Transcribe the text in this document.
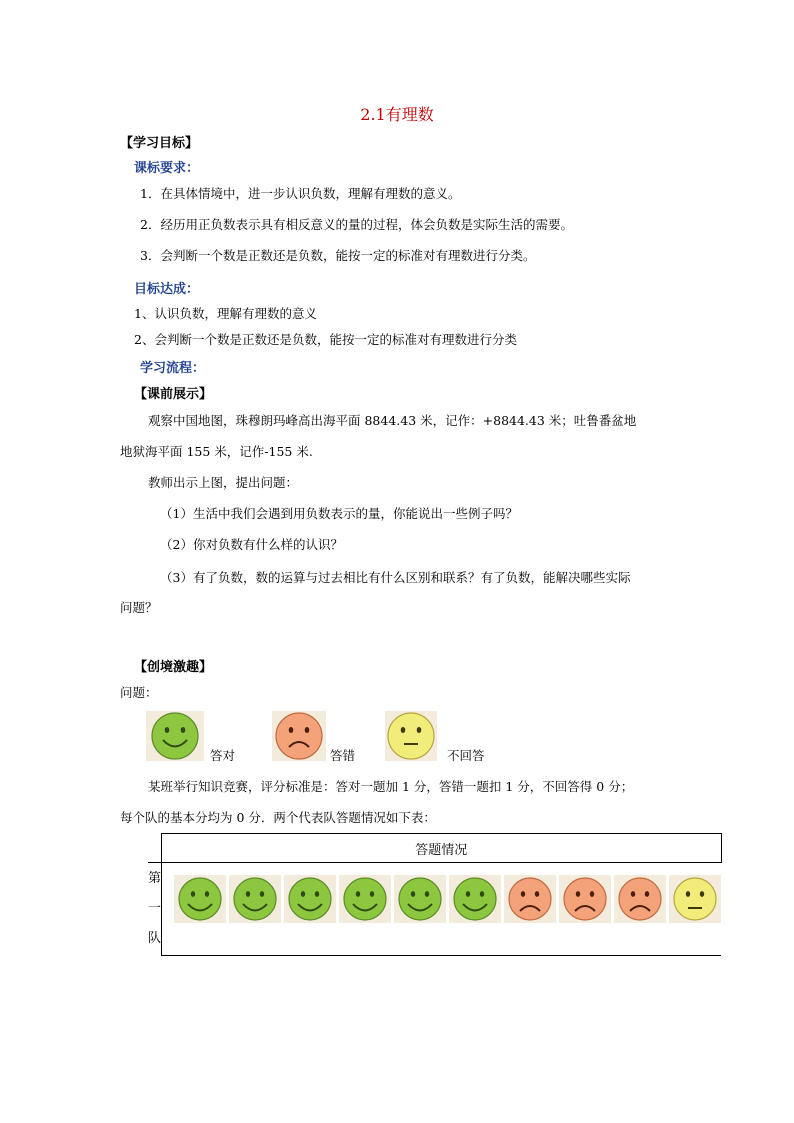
2.1有理数
【学习目标】
课标要求：
1．在具体情境中，进一步认识负数，理解有理数的意义。
2．经历用正负数表示具有相反意义的量的过程，体会负数是实际生活的需要。
3．会判断一个数是正数还是负数，能按一定的标准对有理数进行分类。
目标达成：
1、认识负数，理解有理数的意义
2、会判断一个数是正数还是负数，能按一定的标准对有理数进行分类
学习流程：
【课前展示】
观察中国地图，珠穆朗玛峰高出海平面 8844.43 米，记作：+8844.43 米；吐鲁番盆地
地狱海平面 155 米，记作-155 米.
教师出示上图，提出问题：
（1）生活中我们会遇到用负数表示的量，你能说出一些例子吗？
（2）你对负数有什么样的认识？
（3）有了负数，数的运算与过去相比有什么区别和联系？有了负数，能解决哪些实际
问题？
【创境激趣】
问题：
答对	答错	不回答
某班举行知识竞赛，评分标准是：答对一题加 1 分，答错一题扣 1 分，不回答得 0 分；
每个队的基本分均为 0 分．两个代表队答题情况如下表：
	答题情况

第
一
队
